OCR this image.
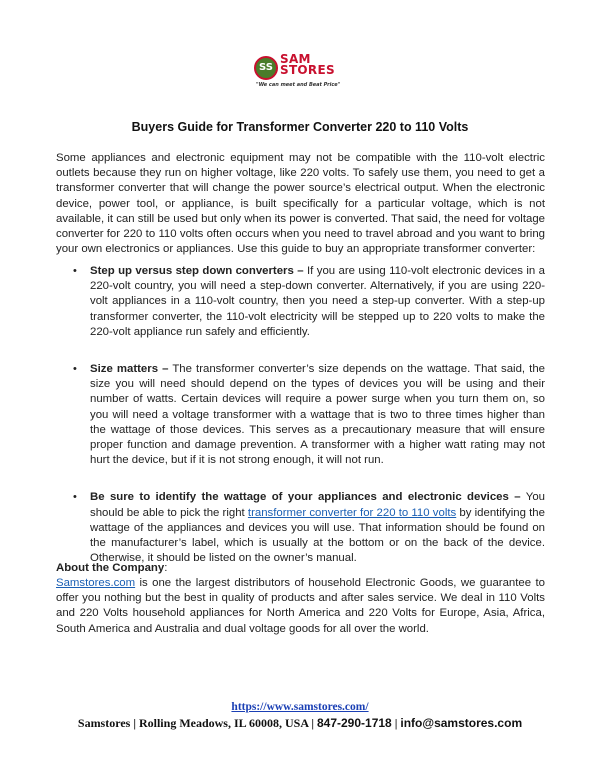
SS
SAM
STORES
"We can meet and Beat Price"
Buyers Guide for Transformer Converter 220 to 110 Volts

Some appliances and electronic equipment may not be compatible with the 110-volt electric outlets because they run on higher voltage, like 220 volts. To safely use them, you need to get a transformer converter that will change the power source’s electrical output. When the electronic device, power tool, or appliance, is built specifically for a particular voltage, which is not available, it can still be used but only when its power is converted. That said, the need for voltage converter for 220 to 110 volts often occurs when you need to travel abroad and you want to bring your own electronics or appliances. Use this guide to buy an appropriate transformer converter:

• Step up versus step down converters – If you are using 110-volt electronic devices in a 220-volt country, you will need a step-down converter. Alternatively, if you are using 220-volt appliances in a 110-volt country, then you need a step-up converter. With a step-up transformer converter, the 110-volt electricity will be stepped up to 220 volts to make the 220-volt appliance run safely and efficiently.
• Size matters – The transformer converter’s size depends on the wattage. That said, the size you will need should depend on the types of devices you will be using and their number of watts. Certain devices will require a power surge when you turn them on, so you will need a voltage transformer with a wattage that is two to three times higher than the wattage of those devices. This serves as a precautionary measure that will ensure proper function and damage prevention. A transformer with a higher watt rating may not hurt the device, but if it is not strong enough, it will not run.
• Be sure to identify the wattage of your appliances and electronic devices – You should be able to pick the right transformer converter for 220 to 110 volts by identifying the wattage of the appliances and devices you will use. That information should be found on the manufacturer’s label, which is usually at the bottom or on the back of the device. Otherwise, it should be listed on the owner’s manual.
About the Company:

Samstores.com is one the largest distributors of household Electronic Goods, we guarantee to offer you nothing but the best in quality of products and after sales service. We deal in 110 Volts and 220 Volts household appliances for North America and 220 Volts for Europe, Asia, Africa, South America and Australia and dual voltage goods for all over the world.

https://www.samstores.com/
Samstores | Rolling Meadows, IL 60008, USA | 847-290-1718 | info@samstores.com
